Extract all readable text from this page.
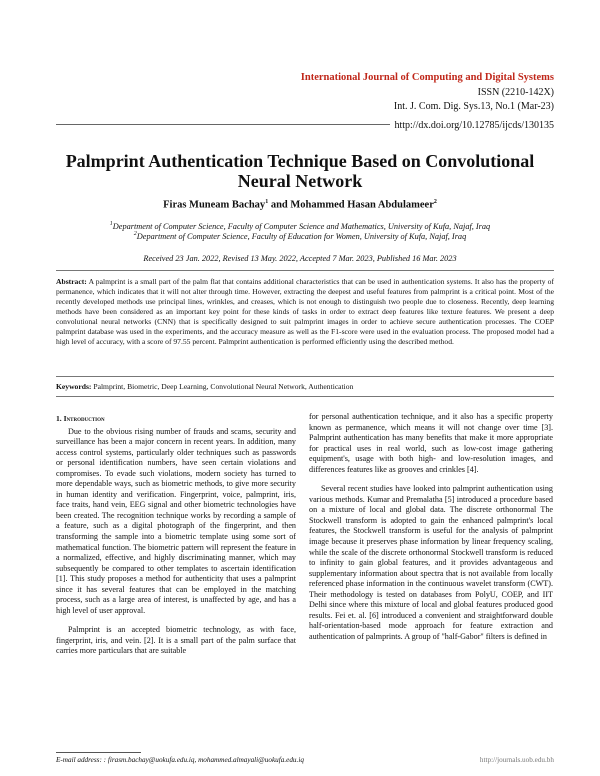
International Journal of Computing and Digital Systems
ISSN (2210-142X)
Int. J. Com. Dig. Sys.13, No.1 (Mar-23)
http://dx.doi.org/10.12785/ijcds/130135
Palmprint Authentication Technique Based on Convolutional Neural Network
Firas Muneam Bachay$^1$ and Mohammed Hasan Abdulameer$^2$
$^1$Department of Computer Science, Faculty of Computer Science and Mathematics, University of Kufa, Najaf, Iraq
$^2$Department of Computer Science, Faculty of Education for Women, University of Kufa, Najaf, Iraq
Received 23 Jan. 2022, Revised 13 May. 2022, Accepted 7 Mar. 2023, Published 16 Mar. 2023
Abstract: A palmprint is a small part of the palm flat that contains additional characteristics that can be used in authentication systems. It also has the property of permanence, which indicates that it will not alter through time. However, extracting the deepest and useful features from palmprint is a critical point. Most of the recently developed methods use principal lines, wrinkles, and creases, which is not enough to distinguish two people due to closeness. Recently, deep learning methods have been considered as an important key point for these kinds of tasks in order to extract deep features like texture features. We present a deep convolutional neural networks (CNN) that is specifically designed to suit palmprint images in order to achieve secure authentication processes. The COEP palmprint database was used in the experiments, and the accuracy measure as well as the F1-score were used in the evaluation process. The proposed model had a high level of accuracy, with a score of 97.55 percent. Palmprint authentication is performed efficiently using the described method.
Keywords: Palmprint, Biometric, Deep Learning, Convolutional Neural Network, Authentication
1. Introduction

Due to the obvious rising number of frauds and scams, security and surveillance has been a major concern in recent years. In addition, many access control systems, particularly older techniques such as passwords or personal identification numbers, have seen certain violations and compromises. To evade such violations, modern society has turned to more dependable ways, such as biometric methods, to give more security in human identity and verification. Fingerprint, voice, palmprint, iris, face traits, hand vein, EEG signal and other biometric technologies have been created. The recognition technique works by recording a sample of a feature, such as a digital photograph of the fingerprint, and then transforming the sample into a biometric template using some sort of mathematical function. The biometric pattern will represent the feature in a normalized, effective, and highly discriminating manner, which may subsequently be compared to other templates to ascertain identification [1]. This study proposes a method for authenticity that uses a palmprint since it has several features that can be employed in the matching process, such as a large area of interest, is unaffected by age, and has a high level of user approval.

Palmprint is an accepted biometric technology, as with face, fingerprint, iris, and vein. [2]. It is a small part of the palm surface that carries more particulars that are suitable

for personal authentication technique, and it also has a specific property known as permanence, which means it will not change over time [3]. Palmprint authentication has many benefits that make it more appropriate for practical uses in real world, such as low-cost image gathering equipment's, usage with both high- and low-resolution images, and differences features like as grooves and crinkles [4].

Several recent studies have looked into palmprint authentication using various methods. Kumar and Premalatha [5] introduced a procedure based on a mixture of local and global data. The discrete orthonormal The Stockwell transform is adopted to gain the enhanced palmprint's local features, the Stockwell transform is useful for the analysis of palmprint image because it preserves phase information by linear frequency scaling, while the scale of the discrete orthonormal Stockwell transform is reduced to infinity to gain global features, and it provides advantageous and supplementary information about spectra that is not available from locally referenced phase information in the continuous wavelet transform (CWT). Their methodology is tested on databases from PolyU, COEP, and IIT Delhi since where this mixture of local and global features produced good results. Fei et. al. [6] introduced a convenient and straightforward double half-orientation-based mode approach for feature extraction and authentication of palmprints. A group of "half-Gabor" filters is defined in

E-mail address: : firasm.bachay@uokufa.edu.iq, mohammed.almayali@uokufa.edu.iq	http://journals.uob.edu.bh
